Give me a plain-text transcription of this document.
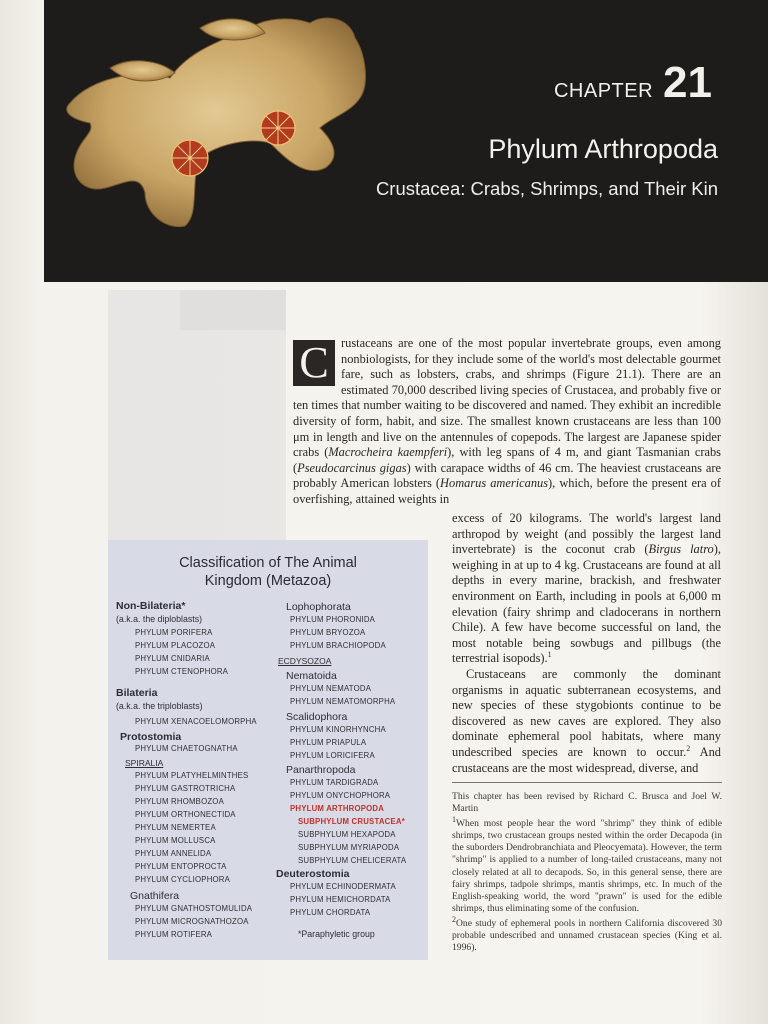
CHAPTER 21
Phylum Arthropoda
Crustacea: Crabs, Shrimps, and Their Kin
C rustaceans are one of the most popular invertebrate groups, even among nonbiologists, for they include some of the world's most delectable gourmet fare, such as lobsters, crabs, and shrimps (Figure 21.1). There are an estimated 70,000 described living species of Crustacea, and probably five or ten times that number waiting to be discovered and named. They exhibit an incredible diversity of form, habit, and size. The smallest known crustaceans are less than 100 μm in length and live on the antennules of copepods. The largest are Japanese spider crabs (Macrocheira kaempferi), with leg spans of 4 m, and giant Tasmanian crabs (Pseudocarcinus gigas) with carapace widths of 46 cm. The heaviest crustaceans are probably American lobsters (Homarus americanus), which, before the present era of overfishing, attained weights in

excess of 20 kilograms. The world's largest land arthropod by weight (and possibly the largest land invertebrate) is the coconut crab (Birgus latro), weighing in at up to 4 kg. Crustaceans are found at all depths in every marine, brackish, and freshwater environment on Earth, including in pools at 6,000 m elevation (fairy shrimp and cladocerans in northern Chile). A few have become successful on land, the most notable being sowbugs and pillbugs (the terrestrial isopods).$^1$

Crustaceans are commonly the dominant organisms in aquatic subterranean ecosystems, and new species of these stygobionts continue to be discovered as new caves are explored. They also dominate ephemeral pool habitats, where many undescribed species are known to occur.$^2$ And crustaceans are the most widespread, diverse, and

Classification of The Animal
Kingdom (Metazoa)
Non-Bilateria*
(a.k.a. the diploblasts)
PHYLUM PORIFERA
PHYLUM PLACOZOA
PHYLUM CNIDARIA
PHYLUM CTENOPHORA
Bilateria
(a.k.a. the triploblasts)
PHYLUM XENACOELOMORPHA
Protostomia
PHYLUM CHAETOGNATHA
SPIRALIA
PHYLUM PLATYHELMINTHES
PHYLUM GASTROTRICHA
PHYLUM RHOMBOZOA
PHYLUM ORTHONECTIDA
PHYLUM NEMERTEA
PHYLUM MOLLUSCA
PHYLUM ANNELIDA
PHYLUM ENTOPROCTA
PHYLUM CYCLIOPHORA
Gnathifera
PHYLUM GNATHOSTOMULIDA
PHYLUM MICROGNATHOZOA
PHYLUM ROTIFERA
Lophophorata
PHYLUM PHORONIDA
PHYLUM BRYOZOA
PHYLUM BRACHIOPODA
ECDYSOZOA
Nematoida
PHYLUM NEMATODA
PHYLUM NEMATOMORPHA
Scalidophora
PHYLUM KINORHYNCHA
PHYLUM PRIAPULA
PHYLUM LORICIFERA
Panarthropoda
PHYLUM TARDIGRADA
PHYLUM ONYCHOPHORA
PHYLUM ARTHROPODA
SUBPHYLUM CRUSTACEA*
SUBPHYLUM HEXAPODA
SUBPHYLUM MYRIAPODA
SUBPHYLUM CHELICERATA
Deuterostomia
PHYLUM ECHINODERMATA
PHYLUM HEMICHORDATA
PHYLUM CHORDATA
*Paraphyletic group

This chapter has been revised by Richard C. Brusca and Joel W. Martin

$^1$When most people hear the word "shrimp" they think of edible shrimps, two crustacean groups nested within the order Decapoda (in the suborders Dendrobranchiata and Pleocyemata). However, the term "shrimp" is applied to a number of long-tailed crustaceans, many not closely related at all to decapods. So, in this general sense, there are fairy shrimps, tadpole shrimps, mantis shrimps, etc. In much of the English-speaking world, the word "prawn" is used for the edible shrimps, thus eliminating some of the confusion.

$^2$One study of ephemeral pools in northern California discovered 30 probable undescribed and unnamed crustacean species (King et al. 1996).
